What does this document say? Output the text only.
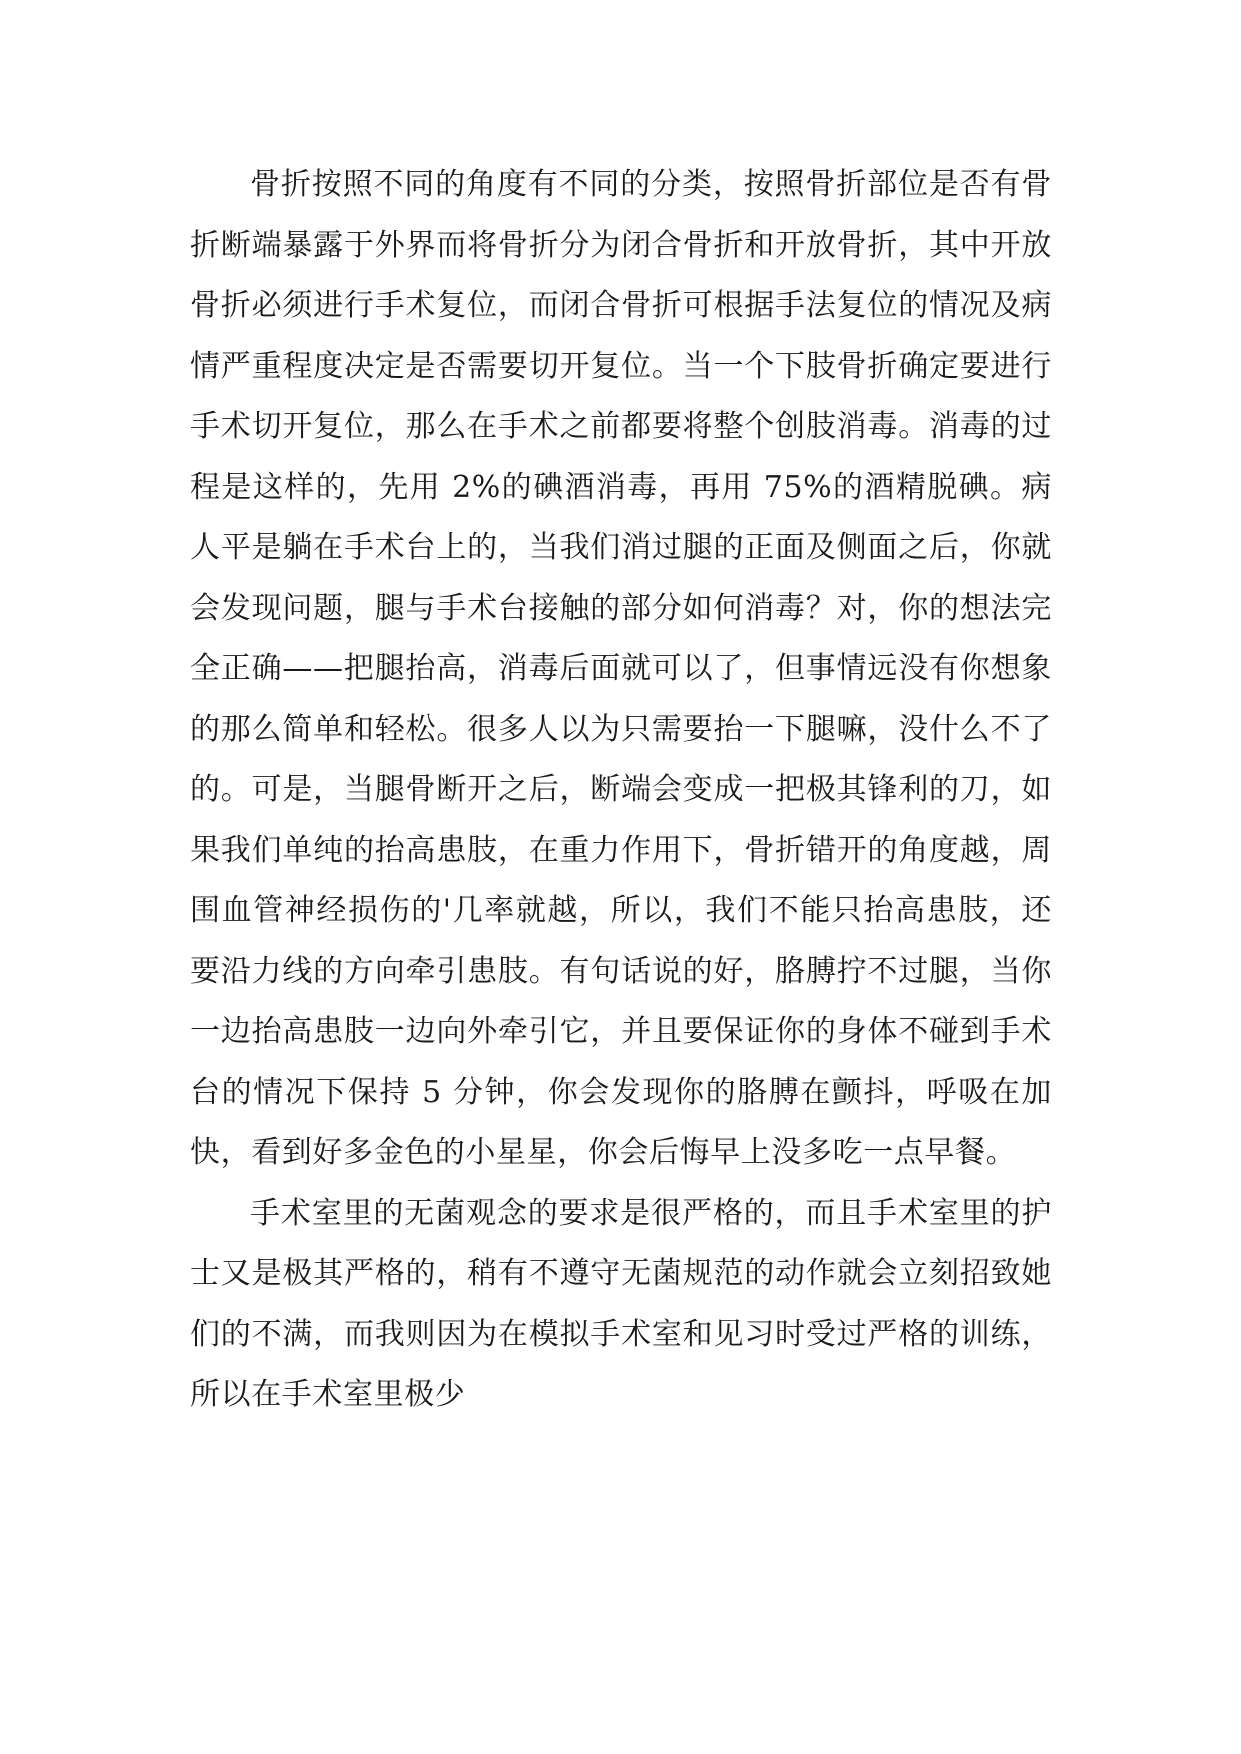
骨折按照不同的角度有不同的分类，按照骨折部位是否有骨折断端暴露于外界而将骨折分为闭合骨折和开放骨折，其中开放骨折必须进行手术复位，而闭合骨折可根据手法复位的情况及病情严重程度决定是否需要切开复位。当一个下肢骨折确定要进行手术切开复位，那么在手术之前都要将整个创肢消毒。消毒的过程是这样的，先用 2%的碘酒消毒，再用 75%的酒精脱碘。病人平是躺在手术台上的，当我们消过腿的正面及侧面之后，你就会发现问题，腿与手术台接触的部分如何消毒？对，你的想法完全正确——把腿抬高，消毒后面就可以了，但事情远没有你想象的那么简单和轻松。很多人以为只需要抬一下腿嘛，没什么不了的。可是，当腿骨断开之后，断端会变成一把极其锋利的刀，如果我们单纯的抬高患肢，在重力作用下，骨折错开的角度越，周围血管神经损伤的'几率就越，所以，我们不能只抬高患肢，还要沿力线的方向牵引患肢。有句话说的好，胳膊拧不过腿，当你一边抬高患肢一边向外牵引它，并且要保证你的身体不碰到手术台的情况下保持 5 分钟，你会发现你的胳膊在颤抖，呼吸在加快，看到好多金色的小星星，你会后悔早上没多吃一点早餐。

手术室里的无菌观念的要求是很严格的，而且手术室里的护士又是极其严格的，稍有不遵守无菌规范的动作就会立刻招致她们的不满，而我则因为在模拟手术室和见习时受过严格的训练，所以在手术室里极少
